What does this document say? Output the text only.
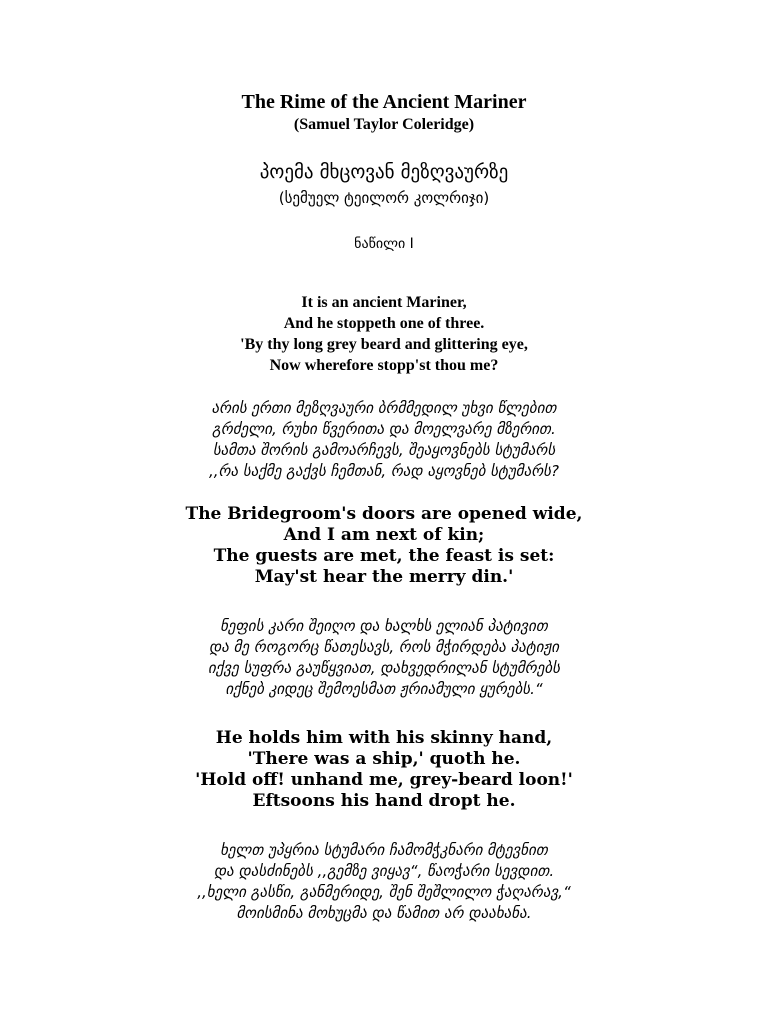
The Rime of the Ancient Mariner
(Samuel Taylor Coleridge)
პოემა მხცოვან მეზღვაურზე
(სემუელ ტეილორ კოლრიჯი)
ნაწილი I
It is an ancient Mariner,
And he stoppeth one of three.
'By thy long grey beard and glittering eye,
Now wherefore stopp'st thou me?
არის ერთი მეზღვაური ბრმმედილ უხვი წლებით
გრძელი, რუხი წვერითა და მოელვარე მზერით.
სამთა შორის გამოარჩევს, შეაყოვნებს სტუმარს
,,რა საქმე გაქვს ჩემთან, რად აყოვნებ სტუმარს?
The Bridegroom's doors are opened wide,
And I am next of kin;
The guests are met, the feast is set:
May'st hear the merry din.'
ნეფის კარი შეიღო და ხალხს ელიან პატივით
და მე როგორც წათესავს, როს მჭირდება პატიჟი
იქვე სუფრა გაუწყვიათ, დახვედრილან სტუმრებს
იქნებ კიდეც შემოესმათ ჟრიამული ყურებს.“
He holds him with his skinny hand,
'There was a ship,' quoth he.
'Hold off! unhand me, grey-beard loon!'
Eftsoons his hand dropt he.
ხელთ უპყრია სტუმარი ჩამომჭკნარი მტევნით
და დასძინებს ,,გემზე ვიყავ“, წაოჭარი სევდით.
,,ხელი გასწი, განმერიდე, შენ შეშლილო ჭაღარავ,“
მოისმინა მოხუცმა და წამით არ დაახანა.
